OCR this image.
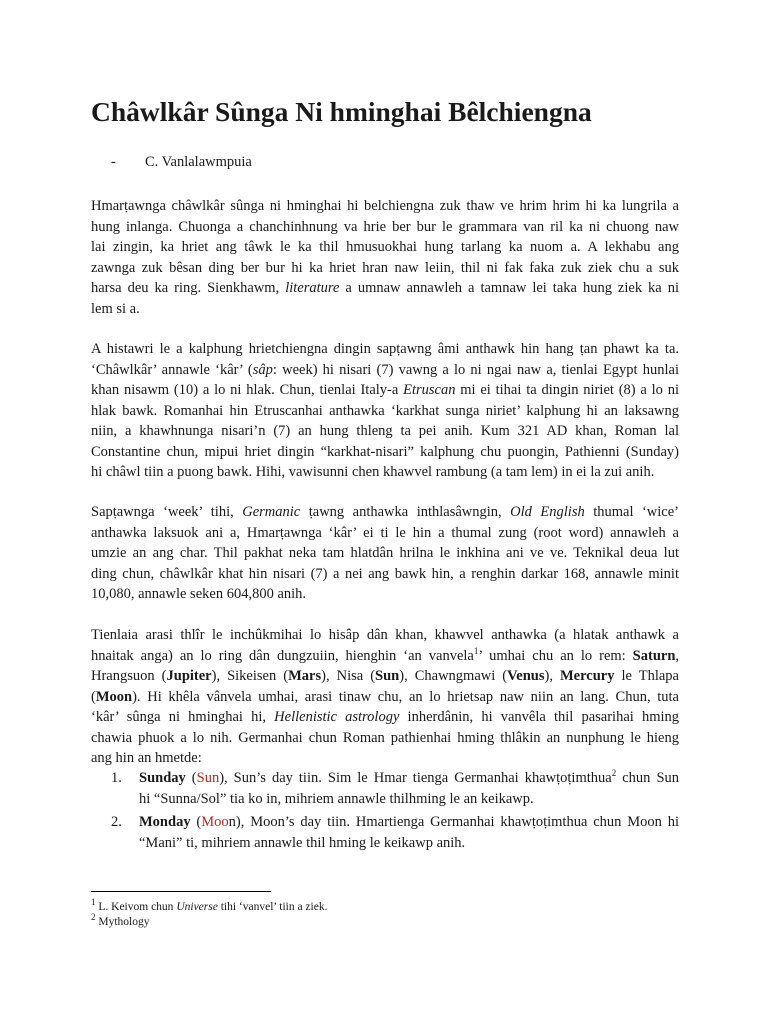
Châwlkâr Sûnga Ni hminghai Bêlchiengna
- C. Vanlalawmpuia
Hmarṭawnga châwlkâr sûnga ni hminghai hi belchiengna zuk thaw ve hrim hrim hi ka lungrila a
hung inlanga. Chuonga a chanchinhnung va hrie ber bur le grammara van ril ka ni chuong naw
lai zingin, ka hriet ang tâwk le ka thil hmusuokhai hung tarlang ka nuom a. A lekhabu ang
zawnga zuk bêsan ding ber bur hi ka hriet hran naw leiin, thil ni fak faka zuk ziek chu a suk
harsa deu ka ring. Sienkhawm, literature a umnaw annawleh a tamnaw lei taka hung ziek ka ni
lem si a.
A histawri le a kalphung hrietchiengna dingin sapṭawng âmi anthawk hin hang ṭan phawt ka ta.
‘Châwlkâr’ annawle ‘kâr’ (sâp: week) hi nisari (7) vawng a lo ni ngai naw a, tienlai Egypt hunlai
khan nisawm (10) a lo ni hlak. Chun, tienlai Italy-a Etruscan mi ei tihai ta dingin niriet (8) a lo ni
hlak bawk. Romanhai hin Etruscanhai anthawka ‘karkhat sunga niriet’ kalphung hi an laksawng
niin, a khawhnunga nisari’n (7) an hung thleng ta pei anih. Kum 321 AD khan, Roman lal
Constantine chun, mipui hriet dingin “karkhat-nisari” kalphung chu puongin, Pathienni (Sunday)
hi châwl tiin a puong bawk. Hihi, vawisunni chen khawvel rambung (a tam lem) in ei la zui anih.
Sapṭawnga ‘week’ tihi, Germanic ṭawng anthawka inthlasâwngin, Old English thumal ‘wice’
anthawka laksuok ani a, Hmarṭawnga ‘kâr’ ei ti le hin a thumal zung (root word) annawleh a
umzie an ang char. Thil pakhat neka tam hlatdân hrilna le inkhina ani ve ve. Teknikal deua lut
ding chun, châwlkâr khat hin nisari (7) a nei ang bawk hin, a renghin darkar 168, annawle minit
10,080, annawle seken 604,800 anih.
Tienlaia arasi thlîr le inchûkmihai lo hisâp dân khan, khawvel anthawka (a hlatak anthawk a
hnaitak anga) an lo ring dân dungzuiin, hienghin ‘an vanvela$^1$’ umhai chu an lo rem: Saturn,
Hrangsuon (Jupiter), Sikeisen (Mars), Nisa (Sun), Chawngmawi (Venus), Mercury le Thlapa
(Moon). Hi khêla vânvela umhai, arasi tinaw chu, an lo hrietsap naw niin an lang. Chun, tuta
‘kâr’ sûnga ni hminghai hi, Hellenistic astrology inherdânin, hi vanvêla thil pasarihai hming
chawia phuok a lo nih. Germanhai chun Roman pathienhai hming thlâkin an nunphung le hieng
ang hin an hmetde:
1. Sunday (Sun), Sun’s day tiin. Sim le Hmar tienga Germanhai khawṭoṭimthua$^2$ chun Sun
hi “Sunna/Sol” tia ko in, mihriem annawle thilhming le an keikawp.
2. Monday (Moon), Moon’s day tiin. Hmartienga Germanhai khawṭoṭimthua chun Moon hi
“Mani” ti, mihriem annawle thil hming le keikawp anih.
$^1$ L. Keivom chun Universe tihi ‘vanvel’ tiin a ziek.
$^2$ Mythology
